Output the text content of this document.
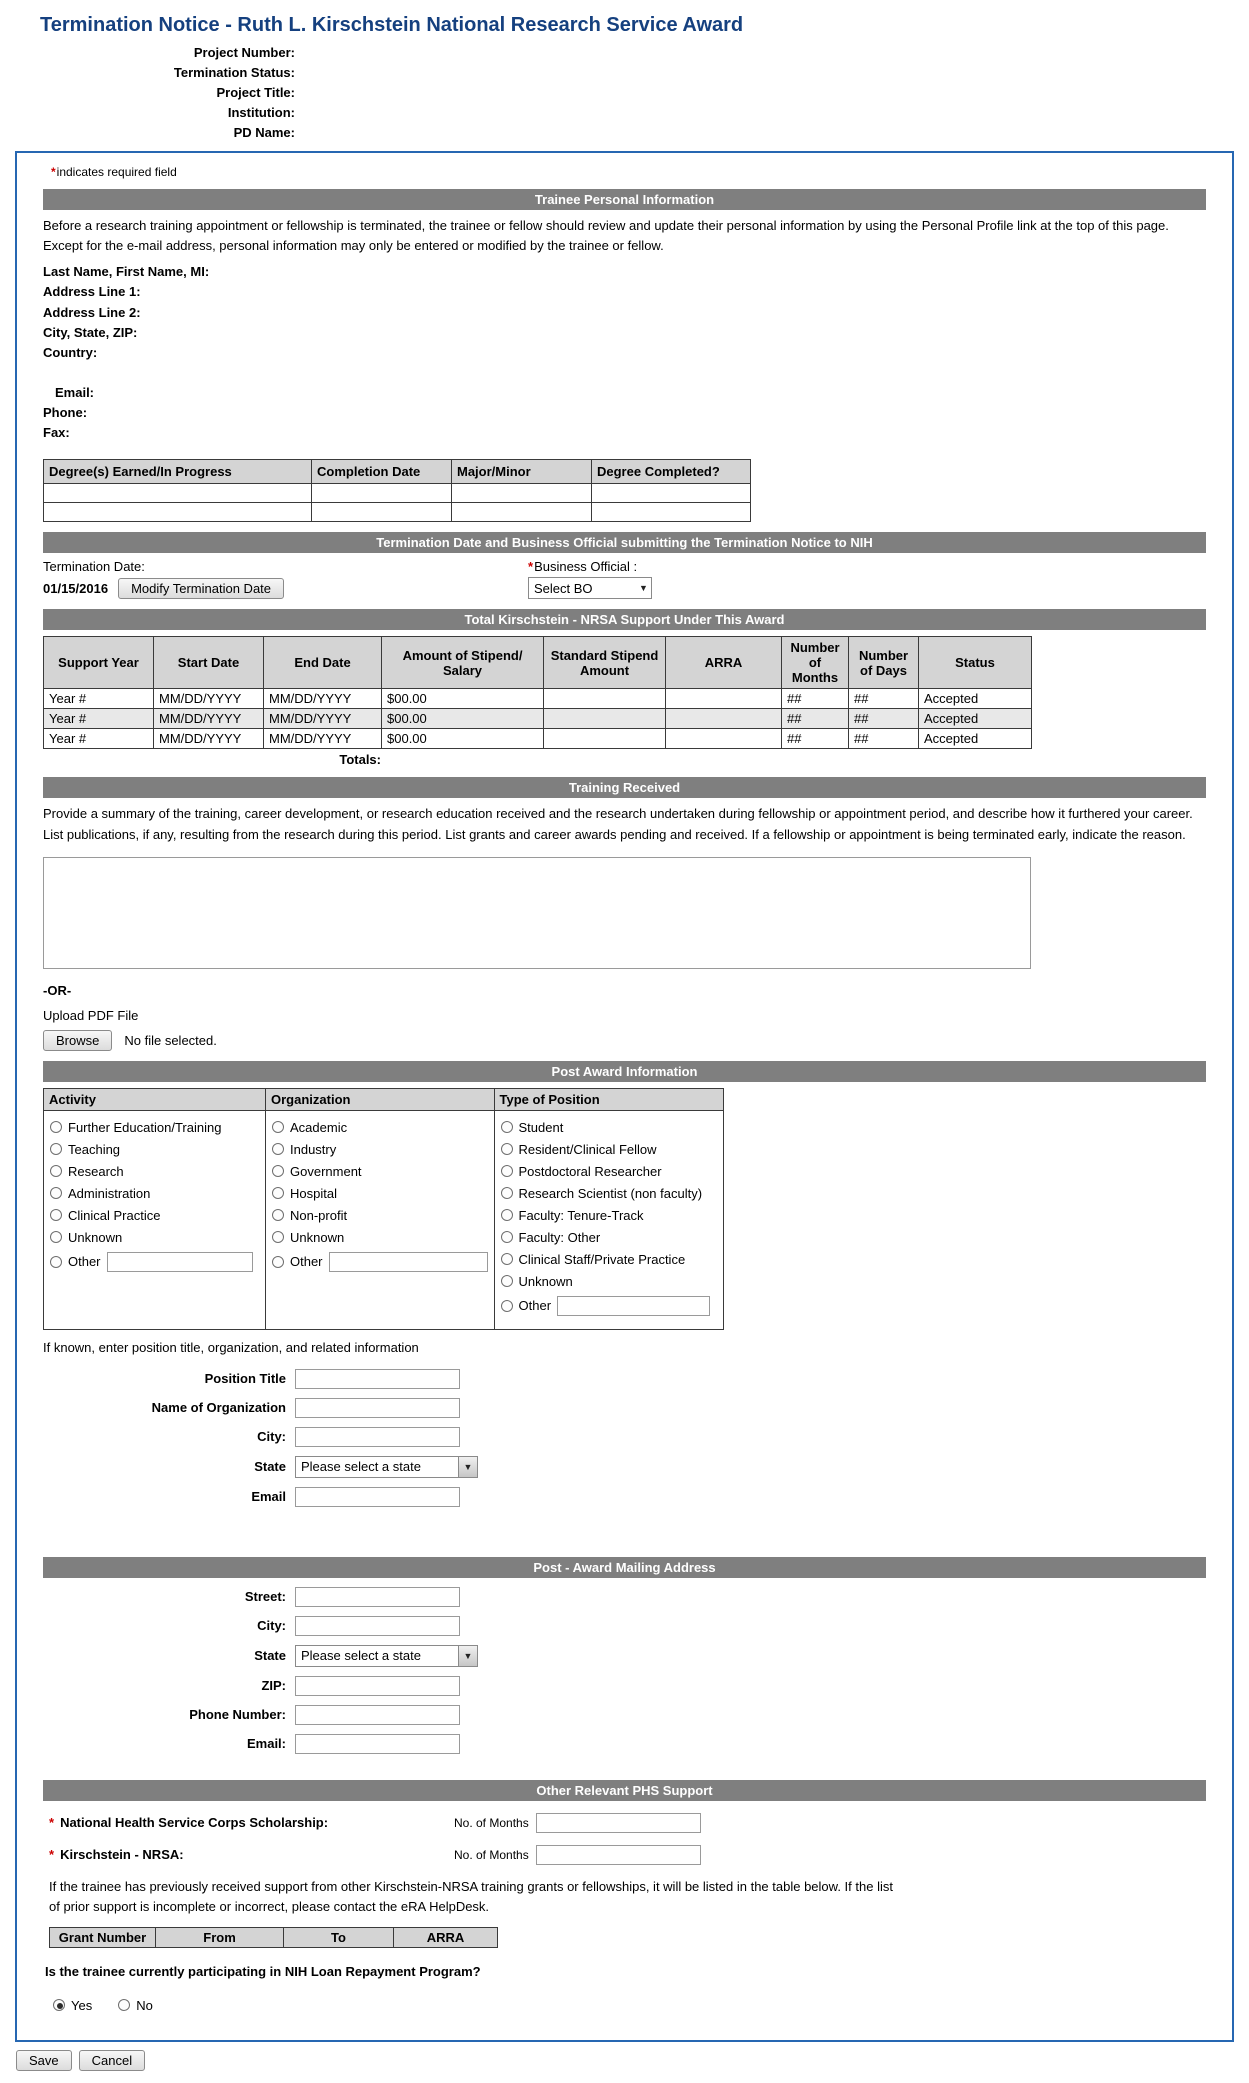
Termination Notice - Ruth L. Kirschstein National Research Service Award
Project Number:
Termination Status:
Project Title:
Institution:
PD Name:
*indicates required field
Trainee Personal Information

Before a research training appointment or fellowship is terminated, the trainee or fellow should review and update their personal information by using the Personal Profile link at the top of this page. Except for the e-mail address, personal information may only be entered or modified by the trainee or fellow.

Last Name, First Name, MI:
Address Line 1:
Address Line 2:
City, State, ZIP:
Country:
Email:
Phone:
Fax:
Degree(s) Earned/In Progress	Completion Date	Major/Minor	Degree Completed?

Termination Date and Business Official submitting the Termination Notice to NIH
Termination Date:
01/15/2016	Modify Termination Date
*Business Official :
Select BO	▼
Total Kirschstein - NRSA Support Under This Award
Support Year	Start Date	End Date	Amount of Stipend/ Salary	Standard Stipend Amount	ARRA	Number of Months	Number of Days	Status
Year #	MM/DD/YYYY	MM/DD/YYYY	$00.00			##	##	Accepted
Year #	MM/DD/YYYY	MM/DD/YYYY	$00.00			##	##	Accepted
Year #	MM/DD/YYYY	MM/DD/YYYY	$00.00			##	##	Accepted
Totals:
Training Received

Provide a summary of the training, career development, or research education received and the research undertaken during fellowship or appointment period, and describe how it furthered your career. List publications, if any, resulting from the research during this period. List grants and career awards pending and received. If a fellowship or appointment is being terminated early, indicate the reason.

-OR-
Upload PDF File
Browse	No file selected.
Post Award Information
Activity	Organization	Type of Position

Further Education/Training
Teaching
Research
Administration
Clinical Practice
Unknown
Other

Academic
Industry
Government
Hospital
Non-profit
Unknown
Other

Student
Resident/Clinical Fellow
Postdoctoral Researcher
Research Scientist (non faculty)
Faculty: Tenure-Track
Faculty: Other
Clinical Staff/Private Practice
Unknown
Other
If known, enter position title, organization, and related information
Position Title
Name of Organization
City:
State	Please select a state	▼
Email
Post - Award Mailing Address
Street:
City:
State	Please select a state	▼
ZIP:
Phone Number:
Email:
Other Relevant PHS Support
* National Health Service Corps Scholarship:	No. of Months
* Kirschstein - NRSA:	No. of Months

If the trainee has previously received support from other Kirschstein-NRSA training grants or fellowships, it will be listed in the table below. If the list of prior support is incomplete or incorrect, please contact the eRA HelpDesk.

Grant Number	From	To	ARRA
Is the trainee currently participating in NIH Loan Repayment Program?
Yes	No
Save	Cancel
